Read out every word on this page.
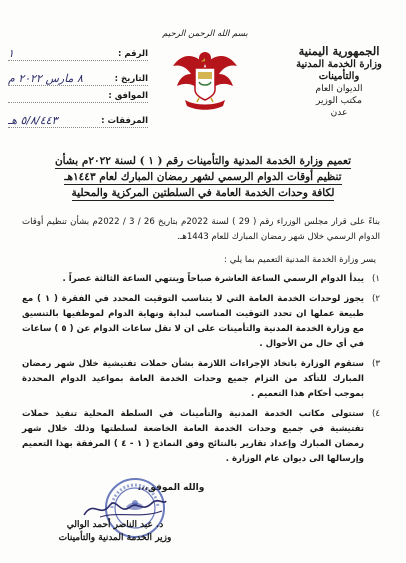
الجمهورية اليمنية
وزارة الخدمة المدنية والتأمينات
الديوان العام
مكتب الوزير
عدن
بسم الله الرحمن الرحيم
الرقم :
١
التاريخ :
٨ مارس ٢٠٢٢ م
الموافق :
المرفقات :
٥/٨/٤٤٣ هـ
تعميم وزارة الخدمة المدنية والتأمينات رقم ( ١ ) لسنة ٢٠٢٢م بشأن
تنظيم أوقات الدوام الرسمي لشهر رمضان المبارك لعام ١٤٤٣هـ
لكافة وحدات الخدمة العامة في السلطتين المركزية والمحلية
بناءً على قرار مجلس الوزراء رقم ( 29 ) لسنة 2022م بتاريخ 26 / 3 / 2022م بشأن تنظيم أوقات الدوام الرسمي خلال شهر رمضان المبارك للعام 1443هـ.
يسر وزارة الخدمة المدنية التعميم بما يلي :
١)
يبدأ الدوام الرسمي الساعة العاشرة صباحاً وينتهي الساعة الثالثة عصراً .
٢)
يجوز لوحدات الخدمة العامة التي لا يتناسب التوقيت المحدد في الفقرة ( ١ ) مع طبيعة عملها ان تحدد التوقيت المناسب لبداية ونهاية الدوام لموظفيها بالتنسيق مع وزارة الخدمة المدنية والتأمينات على ان لا تقل ساعات الدوام عن ( ٥ ) ساعات في أي حال من الأحوال .
٣)
ستقوم الوزارة باتخاذ الإجراءات اللازمة بشأن حملات تفتيشية خلال شهر رمضان المبارك للتأكد من التزام جميع وحدات الخدمة العامة بمواعيد الدوام المحددة بموجب أحكام هذا التعميم .
٤)
ستتولى مكاتب الخدمة المدنية والتأمينات في السلطة المحلية تنفيذ حملات تفتيشية في جميع وحدات الخدمة العامة الخاضعة لسلطتها وذلك خلال شهر رمضان المبارك وإعداد تقارير بالنتائج وفق النماذج ( ١ - ٤ ) المرفقة بهذا التعميم وإرسالها الى ديوان عام الوزارة .
والله الموفق،،،
د. عبد الناصر أحمد الوالي
وزير الخدمة المدنية والتأمينات
